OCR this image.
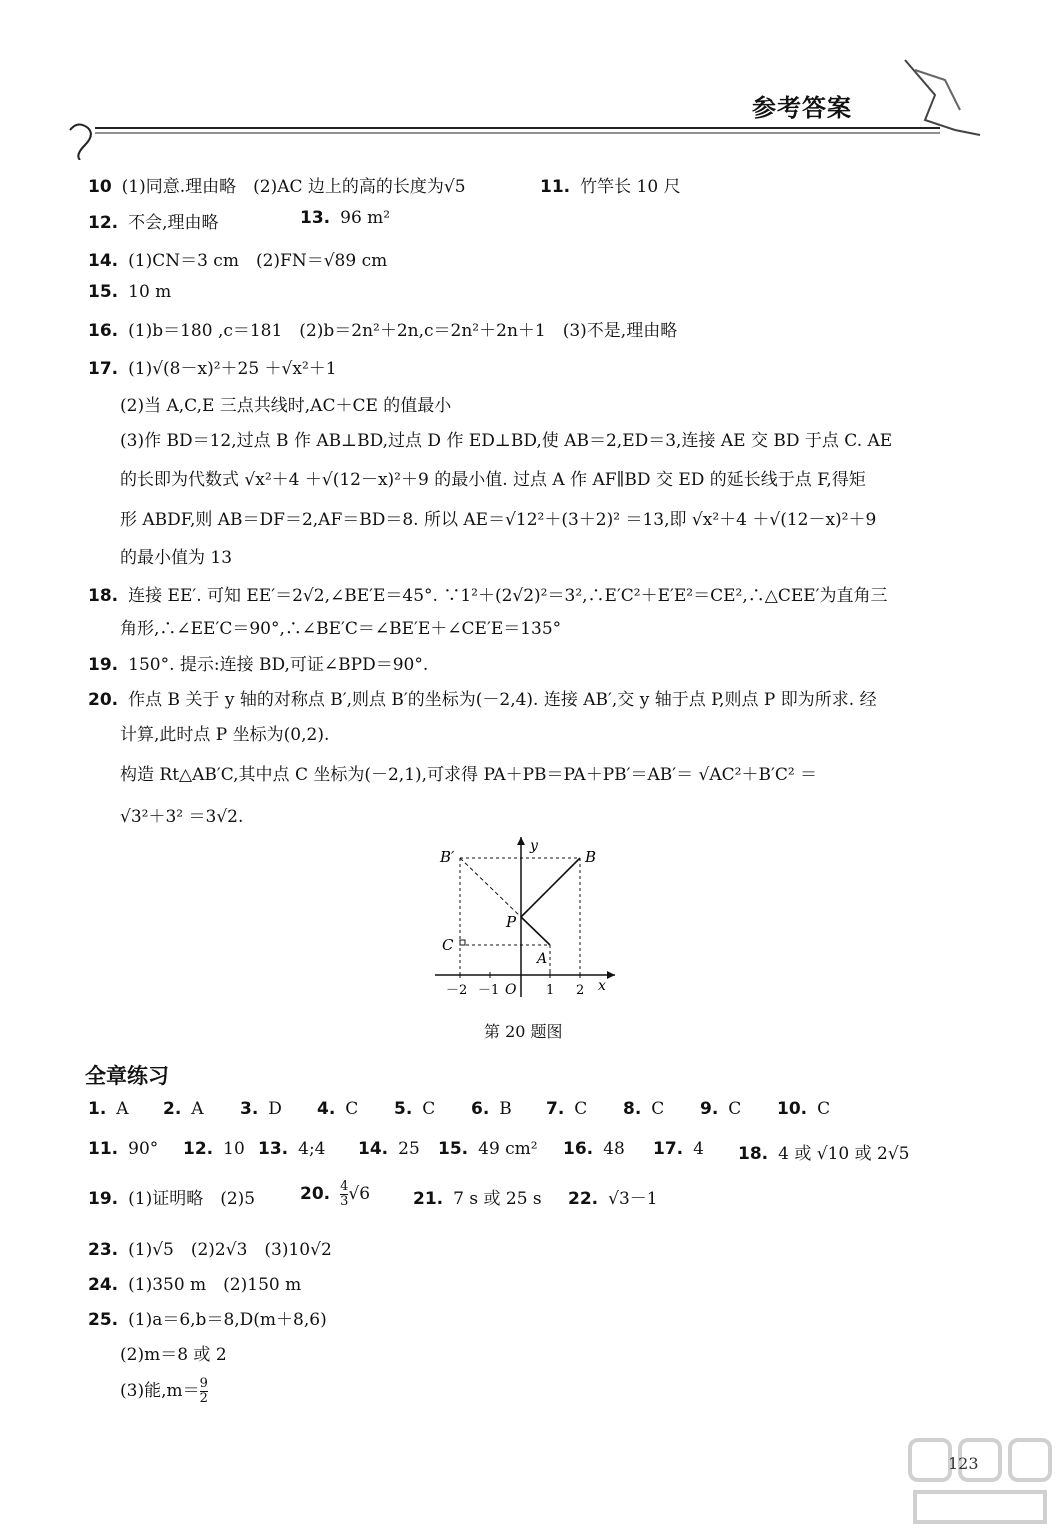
参考答案
10 (1)同意.理由略　(2)AC 边上的高的长度为√5	11. 竹竿长 10 尺
12. 不会,理由略	13. 96 m²
14. (1)CN＝3 cm　(2)FN＝√89 cm
15. 10 m
16. (1)b＝180 ,c＝181　(2)b＝2n²＋2n,c＝2n²＋2n＋1　(3)不是,理由略
17. (1)√(8－x)²＋25 ＋√x²＋1
(2)当 A,C,E 三点共线时,AC＋CE 的值最小
(3)作 BD＝12,过点 B 作 AB⊥BD,过点 D 作 ED⊥BD,使 AB＝2,ED＝3,连接 AE 交 BD 于点 C. AE
的长即为代数式 √x²＋4 ＋√(12－x)²＋9 的最小值. 过点 A 作 AF∥BD 交 ED 的延长线于点 F,得矩
形 ABDF,则 AB＝DF＝2,AF＝BD＝8. 所以 AE＝√12²＋(3＋2)² ＝13,即 √x²＋4 ＋√(12－x)²＋9
的最小值为 13
18. 连接 EE′. 可知 EE′＝2√2,∠BE′E＝45°. ∵1²＋(2√2)²＝3²,∴E′C²＋E′E²＝CE²,∴△CEE′为直角三
角形,∴∠EE′C＝90°,∴∠BE′C＝∠BE′E＋∠CE′E＝135°
19. 150°. 提示:连接 BD,可证∠BPD＝90°.
20. 作点 B 关于 y 轴的对称点 B′,则点 B′的坐标为(－2,4). 连接 AB′,交 y 轴于点 P,则点 P 即为所求. 经
计算,此时点 P 坐标为(0,2).
构造 Rt△AB′C,其中点 C 坐标为(－2,1),可求得 PA＋PB＝PA＋PB′＝AB′＝ √AC²＋B′C² ＝
√3²＋3² ＝3√2.
B′	B
P
C
A
y
x
O
－2 －1	1 2
第 20 题图
全章练习
1. A	2. A	3. D	4. C	5. C	6. B	7. C	8. C	9. C	10. C
11. 90°	12. 10 13. 4;4	14. 25	15. 49 cm²	16. 48	17. 4	18. 4 或 √10 或 2√5
19. (1)证明略　(2)5	20. $\frac{4}{3} √6$	21. 7 s 或 25 s 22. √3－1
23. (1)√5　(2)2√3　(3)10√2
24. (1)350 m　(2)150 m
25. (1)a＝6,b＝8,D(m＋8,6)
(2)m＝8 或 2
(3)能$,m= \frac{9}{2}$
123
